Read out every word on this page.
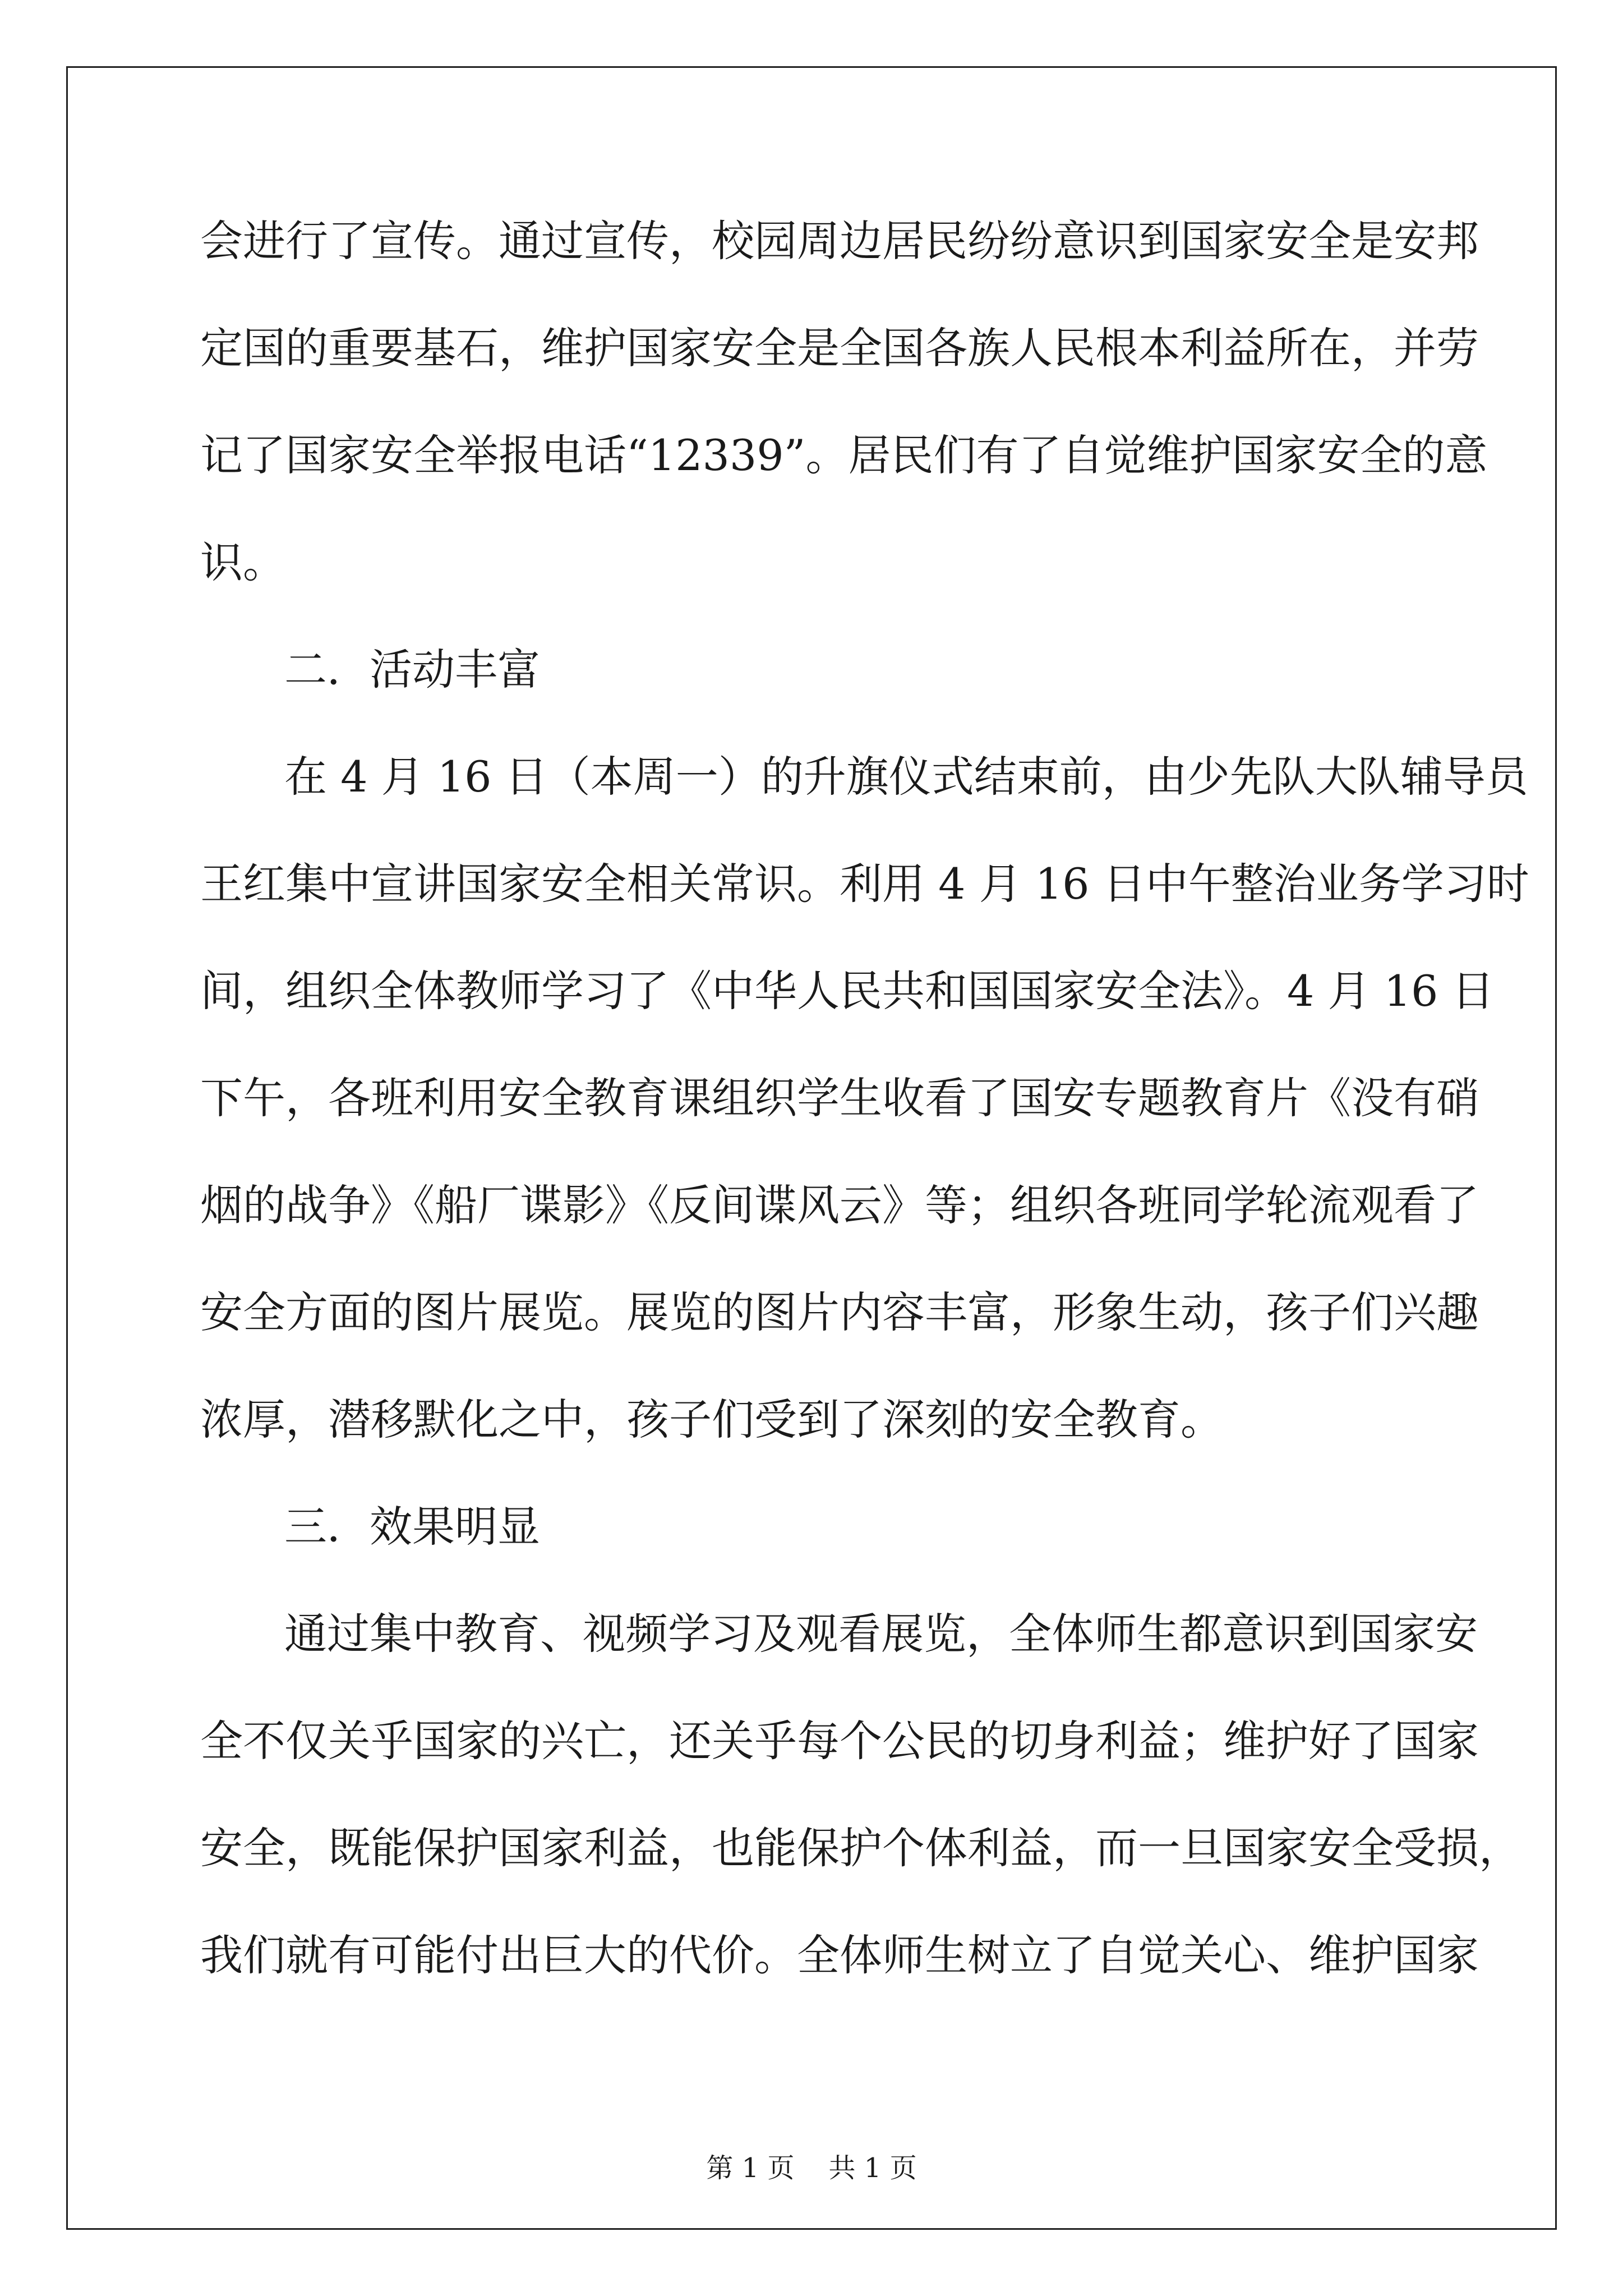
会进行了宣传。通过宣传，校园周边居民纷纷意识到国家安全是安邦
定国的重要基石，维护国家安全是全国各族人民根本利益所在，并劳
记了国家安全举报电话“12339”。居民们有了自觉维护国家安全的意
识。
二．活动丰富
在 4 月 16 日（本周一）的升旗仪式结束前，由少先队大队辅导员
王红集中宣讲国家安全相关常识。利用 4 月 16 日中午整治业务学习时
间，组织全体教师学习了《中华人民共和国国家安全法》。4 月 16 日
下午，各班利用安全教育课组织学生收看了国安专题教育片《没有硝
烟的战争》《船厂谍影》《反间谍风云》等；组织各班同学轮流观看了
安全方面的图片展览。展览的图片内容丰富，形象生动，孩子们兴趣
浓厚，潜移默化之中，孩子们受到了深刻的安全教育。
三．效果明显
通过集中教育、视频学习及观看展览，全体师生都意识到国家安
全不仅关乎国家的兴亡，还关乎每个公民的切身利益；维护好了国家
安全，既能保护国家利益，也能保护个体利益，而一旦国家安全受损，
我们就有可能付出巨大的代价。全体师生树立了自觉关心、维护国家
第 1 页    共 1 页
